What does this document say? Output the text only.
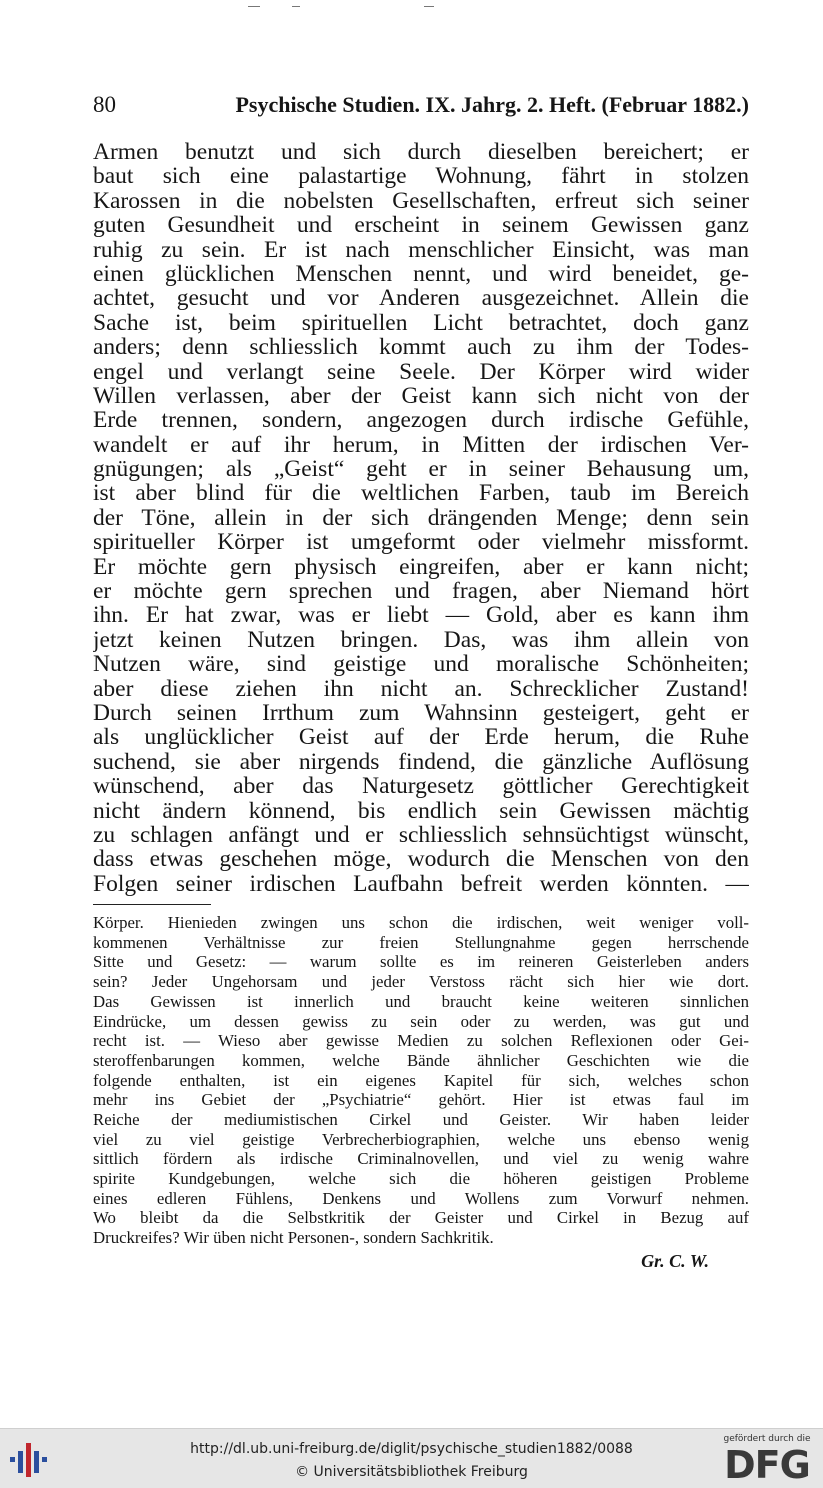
80	Psychische Studien. IX. Jahrg. 2. Heft. (Februar 1882.)
Armen benutzt und sich durch dieselben bereichert; er
baut sich eine palastartige Wohnung, fährt in stolzen
Karossen in die nobelsten Gesellschaften, erfreut sich seiner
guten Gesundheit und erscheint in seinem Gewissen ganz
ruhig zu sein. Er ist nach menschlicher Einsicht, was man
einen glücklichen Menschen nennt, und wird beneidet, ge-
achtet, gesucht und vor Anderen ausgezeichnet. Allein die
Sache ist, beim spirituellen Licht betrachtet, doch ganz
anders; denn schliesslich kommt auch zu ihm der Todes-
engel und verlangt seine Seele. Der Körper wird wider
Willen verlassen, aber der Geist kann sich nicht von der
Erde trennen, sondern, angezogen durch irdische Gefühle,
wandelt er auf ihr herum, in Mitten der irdischen Ver-
gnügungen; als „Geist“ geht er in seiner Behausung um,
ist aber blind für die weltlichen Farben, taub im Bereich
der Töne, allein in der sich drängenden Menge; denn sein
spiritueller Körper ist umgeformt oder vielmehr missformt.
Er möchte gern physisch eingreifen, aber er kann nicht;
er möchte gern sprechen und fragen, aber Niemand hört
ihn. Er hat zwar, was er liebt — Gold, aber es kann ihm
jetzt keinen Nutzen bringen. Das, was ihm allein von
Nutzen wäre, sind geistige und moralische Schönheiten;
aber diese ziehen ihn nicht an. Schrecklicher Zustand!
Durch seinen Irrthum zum Wahnsinn gesteigert, geht er
als unglücklicher Geist auf der Erde herum, die Ruhe
suchend, sie aber nirgends findend, die gänzliche Auflösung
wünschend, aber das Naturgesetz göttlicher Gerechtigkeit
nicht ändern könnend, bis endlich sein Gewissen mächtig
zu schlagen anfängt und er schliesslich sehnsüchtigst wünscht,
dass etwas geschehen möge, wodurch die Menschen von den
Folgen seiner irdischen Laufbahn befreit werden könnten. —
Körper. Hienieden zwingen uns schon die irdischen, weit weniger voll-
kommenen Verhältnisse zur freien Stellungnahme gegen herrschende
Sitte und Gesetz: — warum sollte es im reineren Geisterleben anders
sein? Jeder Ungehorsam und jeder Verstoss rächt sich hier wie dort.
Das Gewissen ist innerlich und braucht keine weiteren sinnlichen
Eindrücke, um dessen gewiss zu sein oder zu werden, was gut und
recht ist. — Wieso aber gewisse Medien zu solchen Reflexionen oder Gei-
steroffenbarungen kommen, welche Bände ähnlicher Geschichten wie die
folgende enthalten, ist ein eigenes Kapitel für sich, welches schon
mehr ins Gebiet der „Psychiatrie“ gehört. Hier ist etwas faul im
Reiche der mediumistischen Cirkel und Geister. Wir haben leider
viel zu viel geistige Verbrecherbiographien, welche uns ebenso wenig
sittlich fördern als irdische Criminalnovellen, und viel zu wenig wahre
spirite Kundgebungen, welche sich die höheren geistigen Probleme
eines edleren Fühlens, Denkens und Wollens zum Vorwurf nehmen.
Wo bleibt da die Selbstkritik der Geister und Cirkel in Bezug auf
Druckreifes? Wir üben nicht Personen-, sondern Sachkritik.
Gr. C. W.
http://dl.ub.uni-freiburg.de/diglit/psychische_studien1882/0088
© Universitätsbibliothek Freiburg
gefördert durch die
DFG
